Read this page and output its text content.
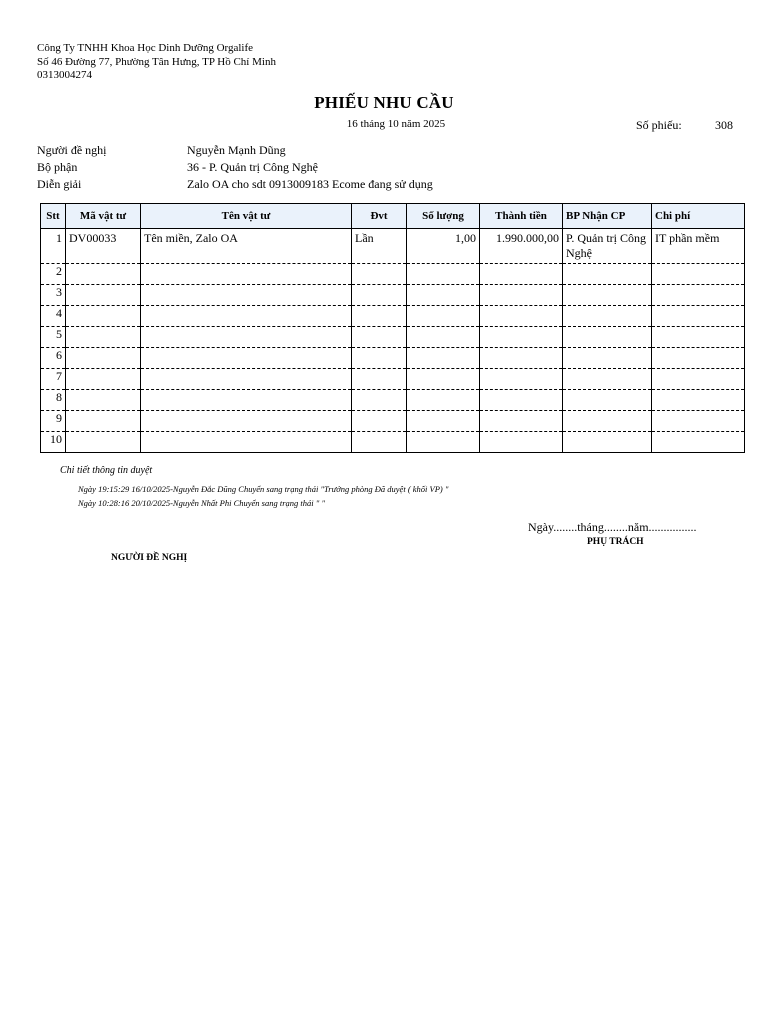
Công Ty TNHH Khoa Học Dinh Dưỡng Orgalife
Số 46 Đường 77, Phường Tân Hưng, TP Hồ Chí Minh
0313004274
PHIẾU NHU CẦU
16 tháng 10 năm 2025	Số phiếu:	308
Người đề nghị	Nguyễn Mạnh Dũng
Bộ phận	36 - P. Quản trị Công Nghệ
Diễn giải	Zalo OA cho sdt 0913009183 Ecome đang sử dụng
Stt	Mã vật tư	Tên vật tư	Đvt	Số lượng	Thành tiền	BP Nhận CP	Chi phí
1	DV00033	Tên miền, Zalo OA	Lần	1,00	1.990.000,00	P. Quản trị Công Nghệ	IT phần mềm
2							
3							
4							
5							
6							
7							
8							
9							
10							
Chi tiết thông tin duyệt
Ngày 19:15:29 16/10/2025-Nguyễn Đắc Dũng Chuyển sang trạng thái "Trưởng phòng Đã duyệt ( khối VP) "
Ngày 10:28:16 20/10/2025-Nguyễn Nhất Phi Chuyển sang trạng thái " "
Ngày........tháng........năm................
PHỤ TRÁCH
NGƯỜI ĐỀ NGHỊ
